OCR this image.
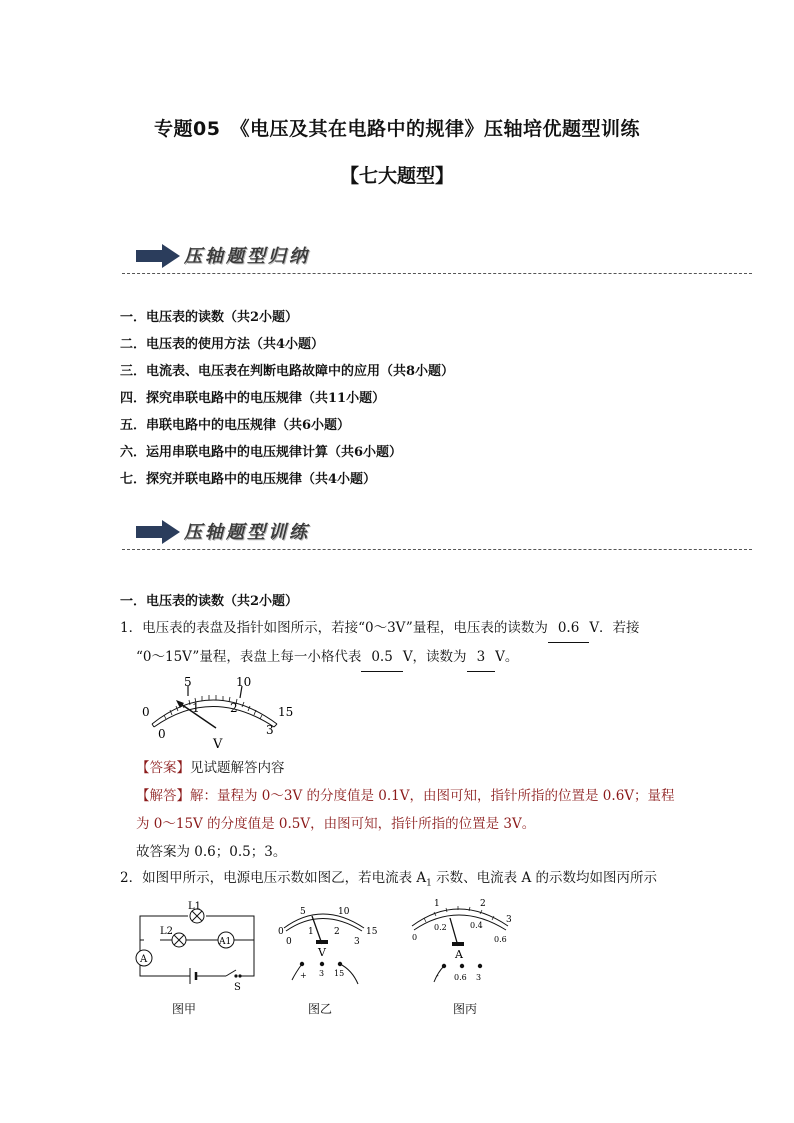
专题05　《电压及其在电路中的规律》压轴培优题型训练
【七大题型】
压轴题型归纳
一．电压表的读数（共2小题）
二．电压表的使用方法（共4小题）
三．电流表、电压表在判断电路故障中的应用（共8小题）
四．探究串联电路中的电压规律（共11小题）
五．串联电路中的电压规律（共6小题）
六．运用串联电路中的电压规律计算（共6小题）
七．探究并联电路中的电压规律（共4小题）
压轴题型训练
一．电压表的读数（共2小题）
1．电压表的表盘及指针如图所示，若接“0～3V”量程，电压表的读数为 0.6 V．若接
“0～15V”量程，表盘上每一小格代表 0.5 V，读数为 3 V。
0
5	10
15
0
1	2
3
V
【答案】见试题解答内容
【解答】解：量程为 0～3V 的分度值是 0.1V，由图可知，指针所指的位置是 0.6V；量程
为 0～15V 的分度值是 0.5V，由图可知，指针所指的位置是 3V。
故答案为 0.6；0.5；3。
2．如图甲所示，电源电压示数如图乙，若电流表 $A_1$ 示数、电流表 A 的示数均如图丙所示
L1
L2
A1
A
S
0
5	10
15
0
1 2
3
V
+ 3 15
1	2
3
0
0.2	0.4
0.6
A
- 0.6 3
图甲	图乙	图丙
